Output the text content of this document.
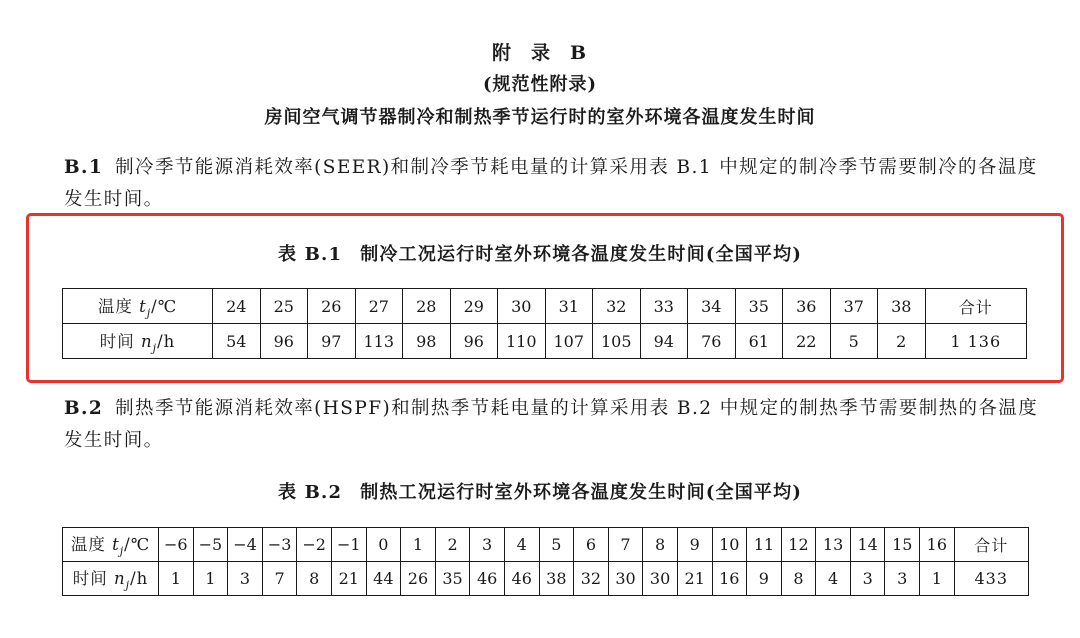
附 录 B
(规范性附录)
房间空气调节器制冷和制热季节运行时的室外环境各温度发生时间
B.1 制冷季节能源消耗效率(SEER)和制冷季节耗电量的计算采用表 B.1 中规定的制冷季节需要制冷的各温度发生时间。
表 B.1 制冷工况运行时室外环境各温度发生时间(全国平均)
温度 $t_j/℃$	24	25	26	27	28	29	30	31	32	33	34	35	36	37	38	合计
时间 $n_j/h$	54	96	97	113	98	96	110	107	105	94	76	61	22	5	2	1 136
B.2 制热季节能源消耗效率(HSPF)和制热季节耗电量的计算采用表 B.2 中规定的制热季节需要制热的各温度发生时间。
表 B.2 制热工况运行时室外环境各温度发生时间(全国平均)
温度 $t_j/℃$	−6	−5	−4	−3	−2	−1	0	1	2	3	4	5	6	7	8	9	10	11	12	13	14	15	16	合计
时间 $n_j/h$	1	1	3	7	8	21	44	26	35	46	46	38	32	30	30	21	16	9	8	4	3	3	1	433
